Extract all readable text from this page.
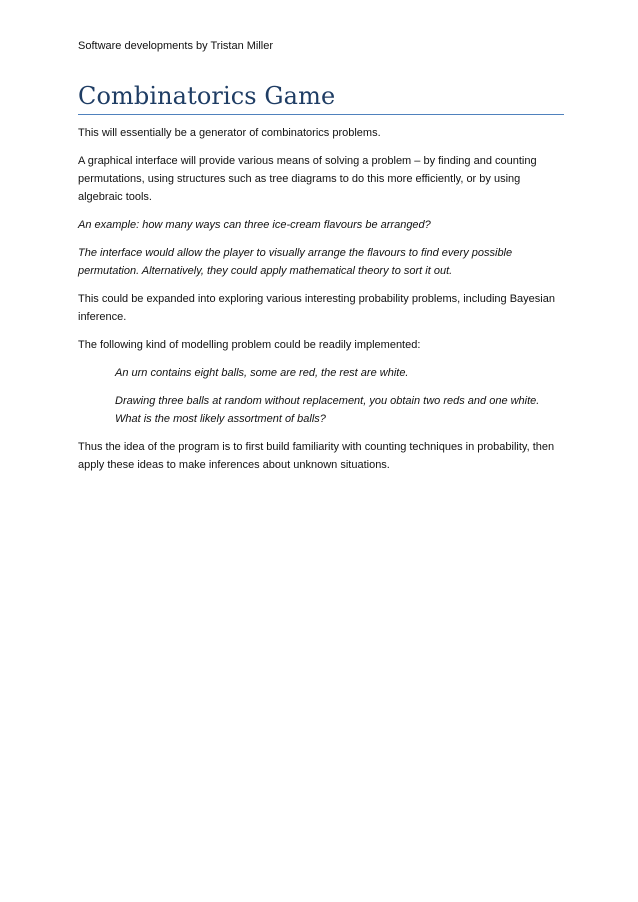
Software developments by Tristan Miller
Combinatorics Game

This will essentially be a generator of combinatorics problems.

A graphical interface will provide various means of solving a problem – by finding and counting permutations, using structures such as tree diagrams to do this more efficiently, or by using algebraic tools.

An example: how many ways can three ice-cream flavours be arranged?

The interface would allow the player to visually arrange the flavours to find every possible permutation. Alternatively, they could apply mathematical theory to sort it out.

This could be expanded into exploring various interesting probability problems, including Bayesian inference.

The following kind of modelling problem could be readily implemented:

An urn contains eight balls, some are red, the rest are white.

Drawing three balls at random without replacement, you obtain two reds and one white. What is the most likely assortment of balls?

Thus the idea of the program is to first build familiarity with counting techniques in probability, then apply these ideas to make inferences about unknown situations.
